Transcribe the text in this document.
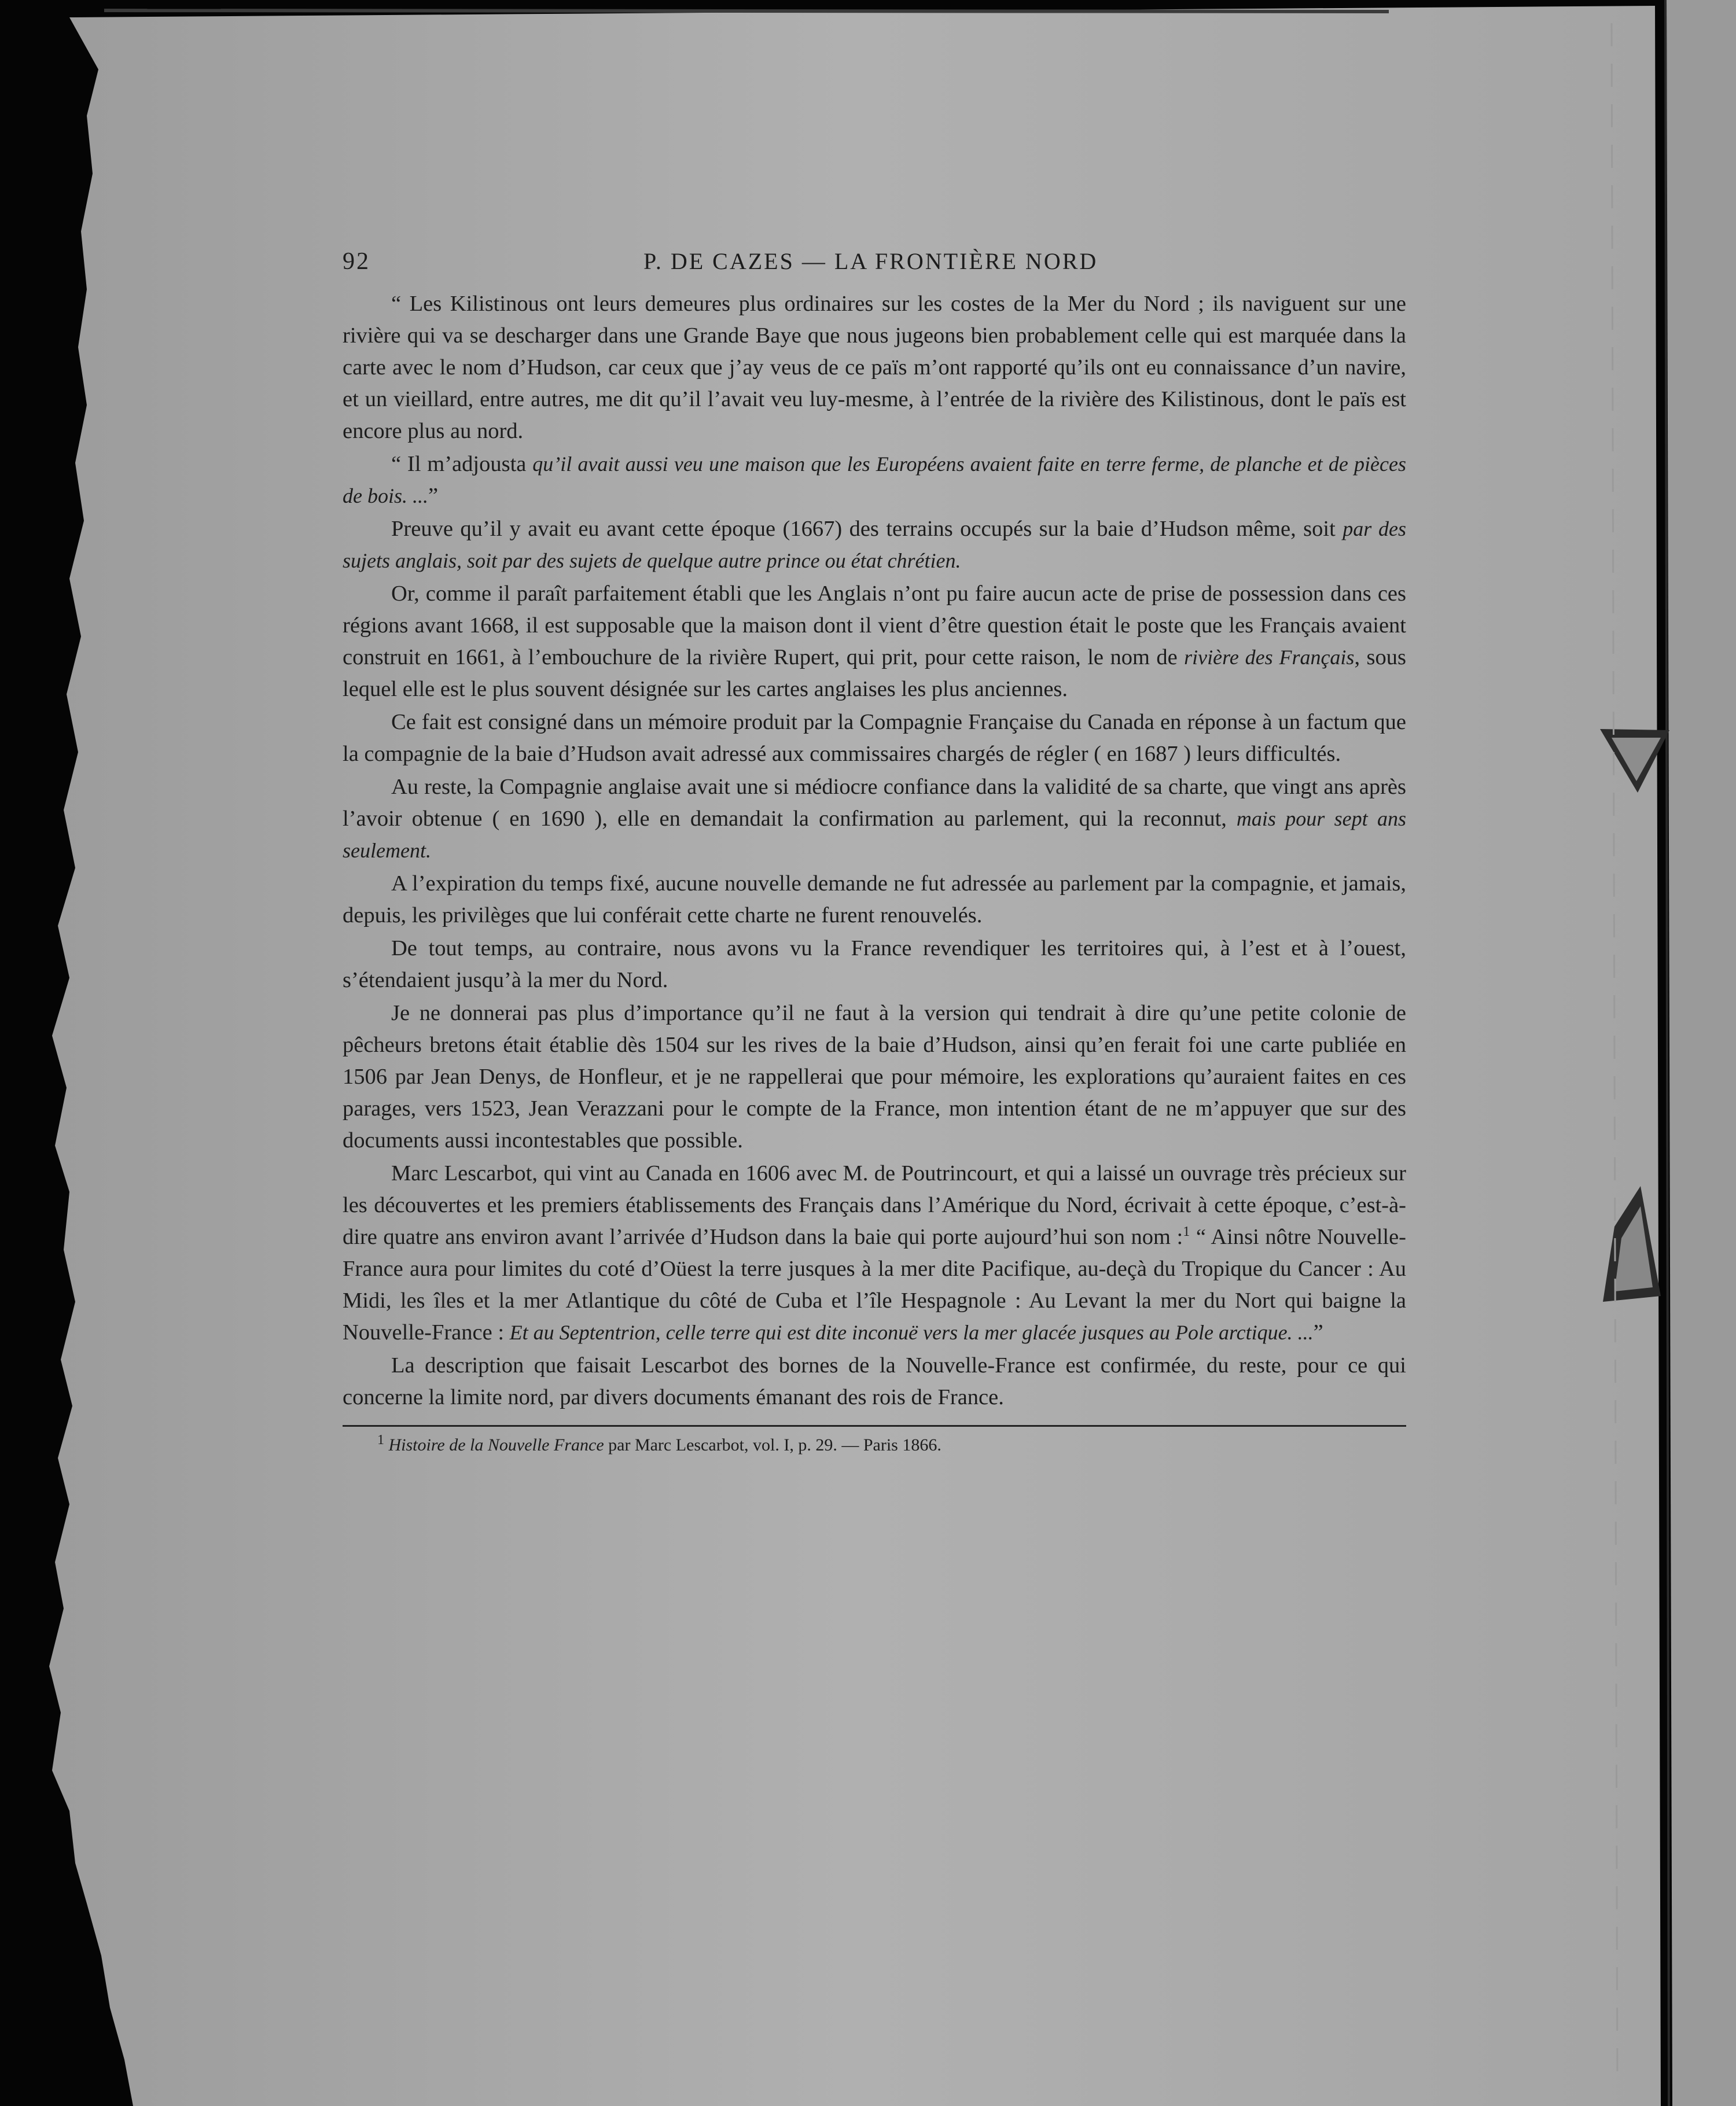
92	P. DE CAZES — LA FRONTIÈRE NORD

“ Les Kilistinous ont leurs demeures plus ordinaires sur les costes de la Mer du Nord ; ils naviguent sur une rivière qui va se descharger dans une Grande Baye que nous jugeons bien probablement celle qui est marquée dans la carte avec le nom d’Hudson, car ceux que j’ay veus de ce païs m’ont rapporté qu’ils ont eu connaissance d’un navire, et un vieillard, entre autres, me dit qu’il l’avait veu luy-mesme, à l’entrée de la rivière des Kilistinous, dont le païs est encore plus au nord.

“ Il m’adjousta qu’il avait aussi veu une maison que les Européens avaient faite en terre ferme, de planche et de pièces de bois. ...”

Preuve qu’il y avait eu avant cette époque (1667) des terrains occupés sur la baie d’Hudson même, soit par des sujets anglais, soit par des sujets de quelque autre prince ou état chrétien.

Or, comme il paraît parfaitement établi que les Anglais n’ont pu faire aucun acte de prise de possession dans ces régions avant 1668, il est supposable que la maison dont il vient d’être question était le poste que les Français avaient construit en 1661, à l’embouchure de la rivière Rupert, qui prit, pour cette raison, le nom de rivière des Français, sous lequel elle est le plus souvent désignée sur les cartes anglaises les plus anciennes.

Ce fait est consigné dans un mémoire produit par la Compagnie Française du Canada en réponse à un factum que la compagnie de la baie d’Hudson avait adressé aux commissaires chargés de régler ( en 1687 ) leurs difficultés.

Au reste, la Compagnie anglaise avait une si médiocre confiance dans la validité de sa charte, que vingt ans après l’avoir obtenue ( en 1690 ), elle en demandait la confirmation au parlement, qui la reconnut, mais pour sept ans seulement.

A l’expiration du temps fixé, aucune nouvelle demande ne fut adressée au parlement par la compagnie, et jamais, depuis, les privilèges que lui conférait cette charte ne furent renouvelés.

De tout temps, au contraire, nous avons vu la France revendiquer les territoires qui, à l’est et à l’ouest, s’étendaient jusqu’à la mer du Nord.

Je ne donnerai pas plus d’importance qu’il ne faut à la version qui tendrait à dire qu’une petite colonie de pêcheurs bretons était établie dès 1504 sur les rives de la baie d’Hudson, ainsi qu’en ferait foi une carte publiée en 1506 par Jean Denys, de Honfleur, et je ne rappellerai que pour mémoire, les explorations qu’auraient faites en ces parages, vers 1523, Jean Verazzani pour le compte de la France, mon intention étant de ne m’appuyer que sur des documents aussi incontestables que possible.

Marc Lescarbot, qui vint au Canada en 1606 avec M. de Poutrincourt, et qui a laissé un ouvrage très précieux sur les découvertes et les premiers établissements des Français dans l’Amérique du Nord, écrivait à cette époque, c’est-à-dire quatre ans environ avant l’arrivée d’Hudson dans la baie qui porte aujourd’hui son nom :$^1$ “ Ainsi nôtre Nouvelle-France aura pour limites du coté d’Oüest la terre jusques à la mer dite Pacifique, au-deçà du Tropique du Cancer : Au Midi, les îles et la mer Atlantique du côté de Cuba et l’île Hespagnole : Au Levant la mer du Nort qui baigne la Nouvelle-France : Et au Septentrion, celle terre qui est dite inconuë vers la mer glacée jusques au Pole arctique. ...”

La description que faisait Lescarbot des bornes de la Nouvelle-France est confirmée, du reste, pour ce qui concerne la limite nord, par divers documents émanant des rois de France.

$^1$ Histoire de la Nouvelle France par Marc Lescarbot, vol. I, p. 29. — Paris 1866.
